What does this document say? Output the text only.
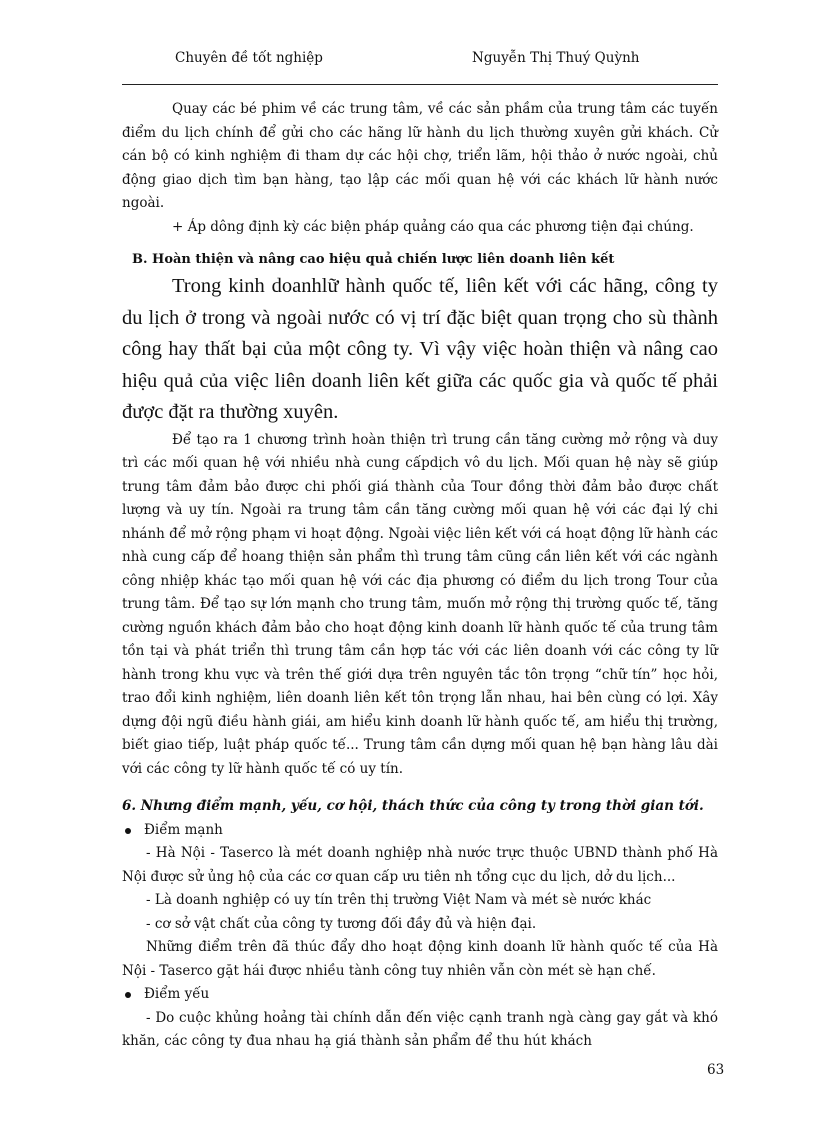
Chuyên đề tốt nghiệp	Nguyễn Thị Thuý Quỳnh

Quay các bé phim về các trung tâm, về các sản phầm của trung tâm các tuyến điểm du lịch chính để gửi cho các hãng lữ hành du lịch thường xuyên gửi khách. Cử cán bộ có kinh nghiệm đi tham dự các hội chợ, triển lãm, hội thảo ở nước ngoài, chủ động giao dịch tìm bạn hàng, tạo lập các mối quan hệ với các khách lữ hành nước ngoài.

+ Áp dông định kỳ các biện pháp quảng cáo qua các phương tiện đại chúng.

B. Hoàn thiện và nâng cao hiệu quả chiến lược liên doanh liên kết

Trong kinh doanhlữ hành quốc tế, liên kết với các hãng, công ty du lịch ở trong và ngoài nước có vị trí đặc biệt quan trọng cho sù thành công hay thất bại của một công ty. Vì vậy việc hoàn thiện và nâng cao hiệu quả của việc liên doanh liên kết giữa các quốc gia và quốc tế phải được đặt ra thường xuyên.

Để tạo ra 1 chương trình hoàn thiện trì trung cần tăng cường mở rộng và duy trì các mối quan hệ với nhiều nhà cung cấpdịch vô du lịch. Mối quan hệ này sẽ giúp trung tâm đảm bảo được chi phối giá thành của Tour đồng thời đảm bảo được chất lượng và uy tín. Ngoài ra trung tâm cần tăng cường mối quan hệ với các đại lý chi nhánh để mở rộng phạm vi hoạt động. Ngoài việc liên kết với cá hoạt động lữ hành các nhà cung cấp để hoang thiện sản phẩm thì trung tâm cũng cần liên kết với các ngành công nhiệp khác tạo mối quan hệ với các địa phương có điểm du lịch trong Tour của trung tâm. Để tạo sự lớn mạnh cho trung tâm, muốn mở rộng thị trường quốc tế, tăng cường nguồn khách đảm bảo cho hoạt động kinh doanh lữ hành quốc tế của trung tâm tồn tại và phát triển thì trung tâm cần hợp tác với các liên doanh với các công ty lữ hành trong khu vực và trên thế giới dựa trên nguyên tắc tôn trọng “chữ tín” học hỏi, trao đổi kinh nghiệm, liên doanh liên kết tôn trọng lẫn nhau, hai bên cùng có lợi. Xây dựng đội ngũ điều hành giái, am hiểu kinh doanh lữ hành quốc tế, am hiểu thị trường, biết giao tiếp, luật pháp quốc tế... Trung tâm cần dựng mối quan hệ bạn hàng lâu dài với các công ty lữ hành quốc tế có uy tín.

6. Nhưng điểm mạnh, yếu, cơ hội, thách thức của công ty trong thời gian tới.

Điểm mạnh

- Hà Nội - Taserco là mét doanh nghiệp nhà nước trực thuộc UBND thành phố Hà Nội được sử ủng hộ của các cơ quan cấp ưu tiên nh tổng cục du lịch, dở du lịch...

- Là doanh nghiệp có uy tín trên thị trường Việt Nam và mét sè nước khác

- cơ sở vật chất của công ty tương đối đầy đủ và hiện đại.

Những điểm trên đã thúc đẩy dho hoạt động kinh doanh lữ hành quốc tế của Hà Nội - Taserco gặt hái được nhiều tành công tuy nhiên vẫn còn mét sè hạn chế.

Điểm yếu

- Do cuộc khủng hoảng tài chính dẫn đến việc cạnh tranh ngà càng gay gắt và khó khăn, các công ty đua nhau hạ giá thành sản phẩm để thu hút khách

63
